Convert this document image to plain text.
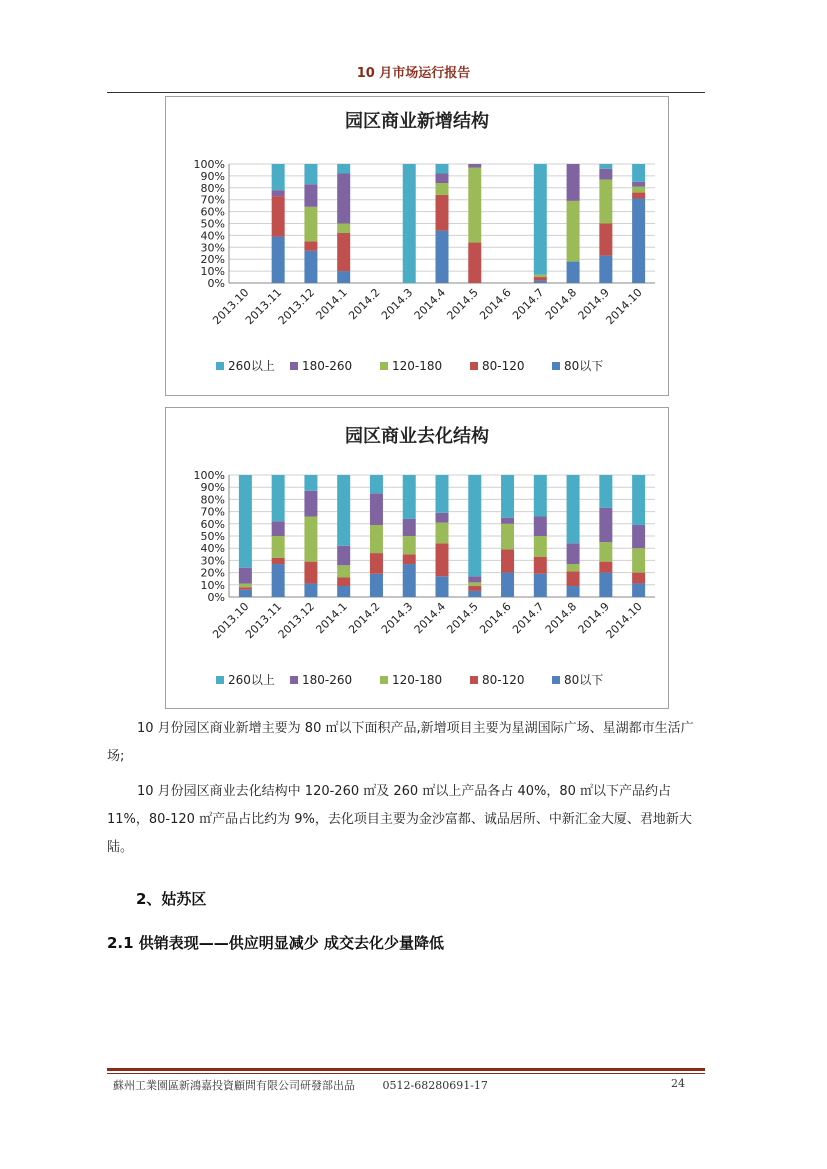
10 月市场运行报告
园区商业新增结构
0%
10%
20%
30%
40%
50%
60%
70%
80%
90%
100%
2013.10
2013.11
2013.12
2014.1
2014.2
2014.3
2014.4
2014.5
2014.6
2014.7
2014.8
2014.9
2014.10
260以上 180-260	120-180	80-120	80以下
园区商业去化结构
0%
10%
20%
30%
40%
50%
60%
70%
80%
90%
100%
2013.10
2013.11
2013.12
2014.1
2014.2
2014.3
2014.4
2014.5
2014.6
2014.7
2014.8
2014.9
2014.10
260以上 180-260	120-180	80-120	80以下

10 月份园区商业新增主要为 80 ㎡以下面积产品,新增项目主要为星湖国际广场、星湖都市生活广场;

10 月份园区商业去化结构中 120-260 ㎡及 260 ㎡以上产品各占 40%，80 ㎡以下产品约占 11%，80-120 ㎡产品占比约为 9%，去化项目主要为金沙富都、诚品居所、中新汇金大厦、君地新大陆。

2、姑苏区
2.1 供销表现——供应明显减少 成交去化少量降低
蘇州工業園區新鴻嘉投資顧問有限公司研發部出品	0512-68280691-17	24
